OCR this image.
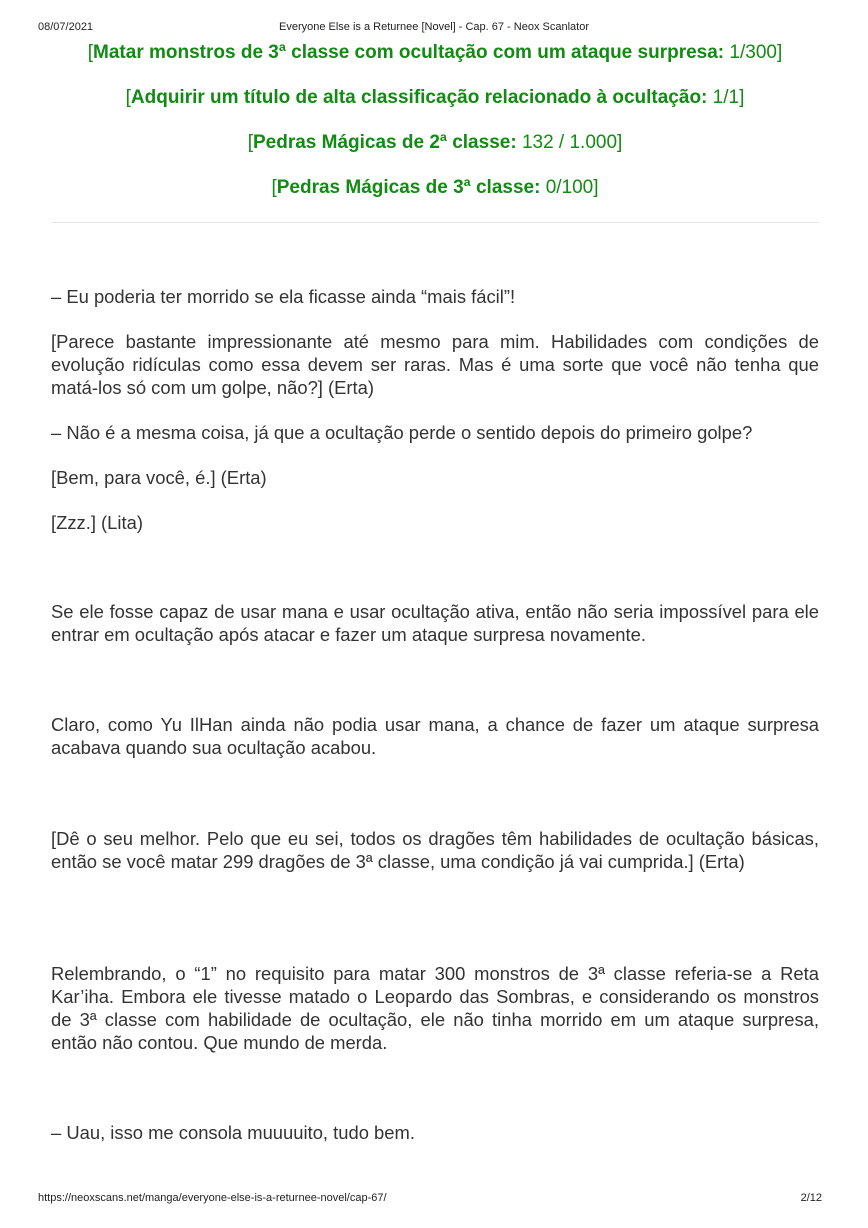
08/07/2021	Everyone Else is a Returnee [Novel] - Cap. 67 - Neox Scanlator
[Matar monstros de 3ª classe com ocultação com um ataque surpresa: 1/300]
[Adquirir um título de alta classificação relacionado à ocultação: 1/1]
[Pedras Mágicas de 2ª classe: 132 / 1.000]
[Pedras Mágicas de 3ª classe: 0/100]

– Eu poderia ter morrido se ela ficasse ainda “mais fácil”!

[Parece bastante impressionante até mesmo para mim. Habilidades com condições de evolução ridículas como essa devem ser raras. Mas é uma sorte que você não tenha que matá-los só com um golpe, não?] (Erta)

– Não é a mesma coisa, já que a ocultação perde o sentido depois do primeiro golpe?

[Bem, para você, é.] (Erta)

[Zzz.] (Lita)

Se ele fosse capaz de usar mana e usar ocultação ativa, então não seria impossível para ele entrar em ocultação após atacar e fazer um ataque surpresa novamente.

Claro, como Yu IlHan ainda não podia usar mana, a chance de fazer um ataque surpresa acabava quando sua ocultação acabou.

[Dê o seu melhor. Pelo que eu sei, todos os dragões têm habilidades de ocultação básicas, então se você matar 299 dragões de 3ª classe, uma condição já vai cumprida.] (Erta)

Relembrando, o “1” no requisito para matar 300 monstros de 3ª classe referia-se a Reta Kar’iha. Embora ele tivesse matado o Leopardo das Sombras, e considerando os monstros de 3ª classe com habilidade de ocultação, ele não tinha morrido em um ataque surpresa, então não contou. Que mundo de merda.

– Uau, isso me consola muuuuito, tudo bem.

https://neoxscans.net/manga/everyone-else-is-a-returnee-novel/cap-67/	2/12
